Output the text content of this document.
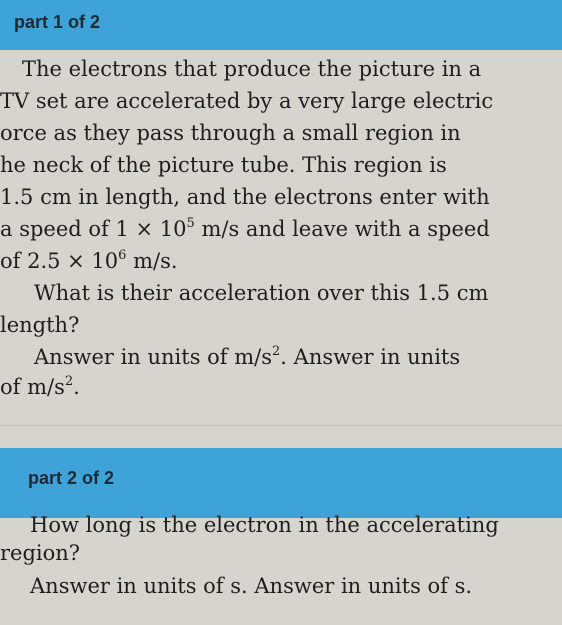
part 1 of 2
The electrons that produce the picture in a
TV set are accelerated by a very large electric
orce as they pass through a small region in
he neck of the picture tube. This region is
1.5 cm in length, and the electrons enter with
a speed of $1 \times 10^5$ m/s and leave with a speed
of $2.5 \times 10^6$ m/s.
What is their acceleration over this 1.5 cm
length?
Answer in units of $m/s^2$. Answer in units
of $m/s^2$.
part 2 of 2
How long is the electron in the accelerating
region?
Answer in units of s. Answer in units of s.
